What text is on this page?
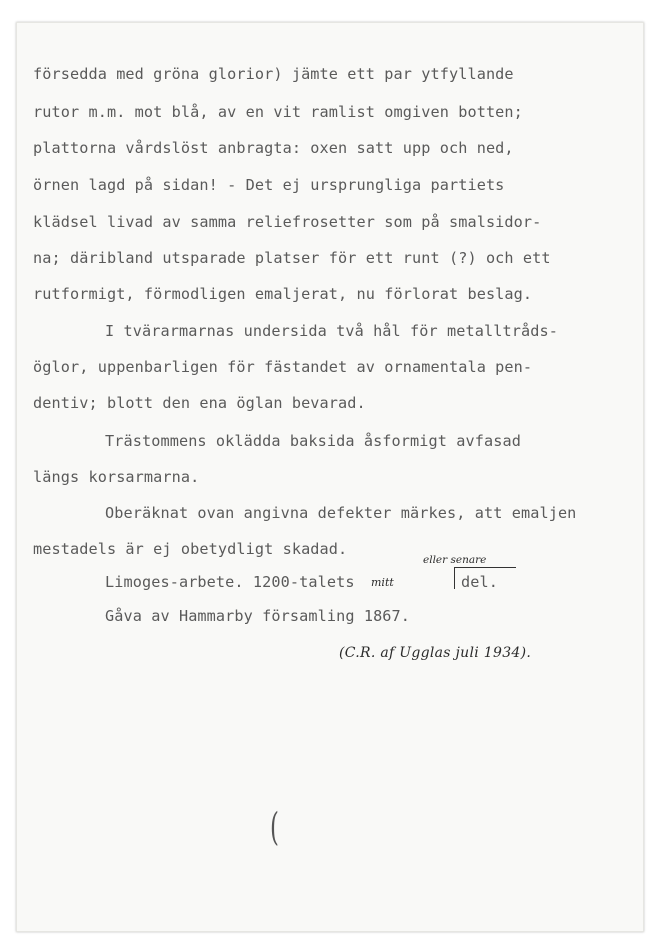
försedda med gröna glorior) jämte ett par ytfyllande
rutor m.m. mot blå, av en vit ramlist omgiven botten;
plattorna vårdslöst anbragta: oxen satt upp och ned,
örnen lagd på sidan! - Det ej ursprungliga partiets
klädsel livad av samma reliefrosetter som på smalsidor-
na; däribland utsparade platser för ett runt (?) och ett
rutformigt, förmodligen emaljerat, nu förlorat beslag.
I tvärarmarnas undersida två hål för metalltråds-
öglor, uppenbarligen för fästandet av ornamentala pen-
dentiv; blott den ena öglan bevarad.
Trästommens oklädda baksida åsformigt avfasad
längs korsarmarna.
Oberäknat ovan angivna defekter märkes, att emaljen
mestadels är ej obetydligt skadad.
Limoges-arbete. 1200-talets mitt
eller senare
del.
Gåva av Hammarby församling 1867.
(C.R. af Ugglas juli 1934).
(
